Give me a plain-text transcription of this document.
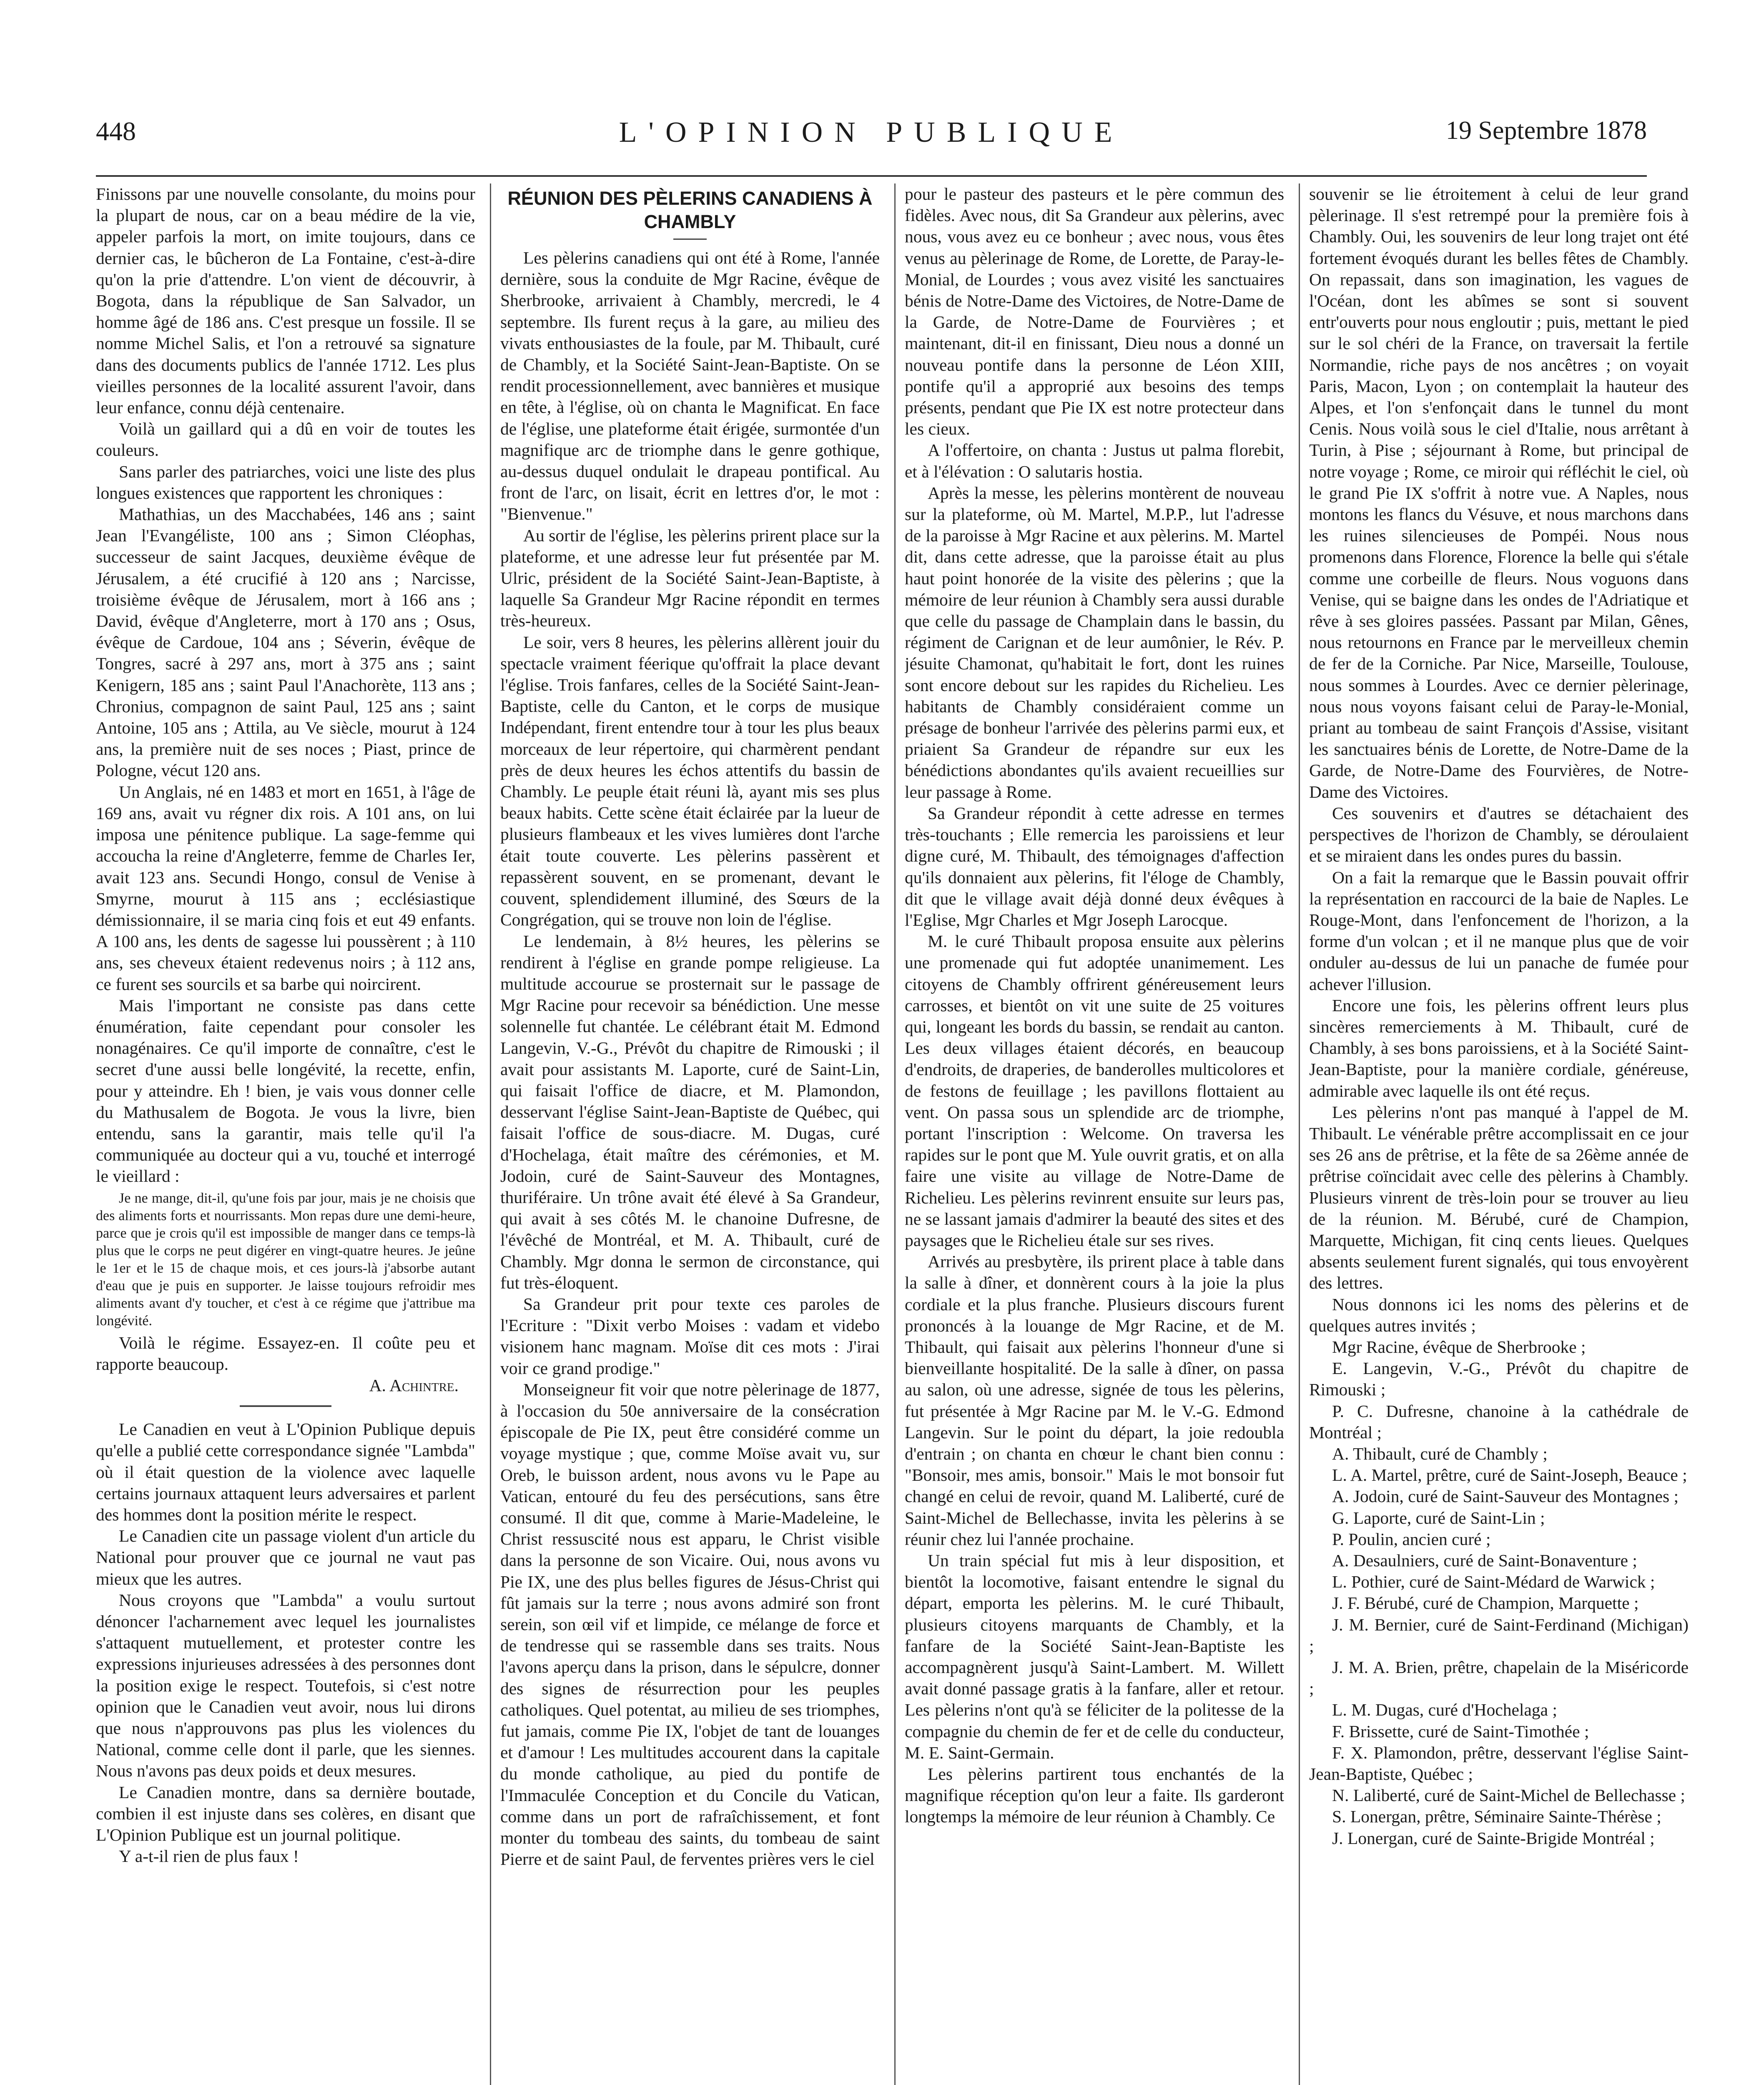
448	L'OPINION PUBLIQUE	19 Septembre 1878

Finissons par une nouvelle consolante, du moins pour la plupart de nous, car on a beau médire de la vie, appeler parfois la mort, on imite toujours, dans ce dernier cas, le bûcheron de La Fontaine, c'est-à-dire qu'on la prie d'attendre. L'on vient de découvrir, à Bogota, dans la république de San Salvador, un homme âgé de 186 ans. C'est presque un fossile. Il se nomme Michel Salis, et l'on a retrouvé sa signature dans des documents publics de l'année 1712. Les plus vieilles personnes de la localité assurent l'avoir, dans leur enfance, connu déjà centenaire.

Voilà un gaillard qui a dû en voir de toutes les couleurs.

Sans parler des patriarches, voici une liste des plus longues existences que rapportent les chroniques :

Mathathias, un des Macchabées, 146 ans ; saint Jean l'Evangéliste, 100 ans ; Simon Cléophas, successeur de saint Jacques, deuxième évêque de Jérusalem, a été crucifié à 120 ans ; Narcisse, troisième évêque de Jérusalem, mort à 166 ans ; David, évêque d'Angleterre, mort à 170 ans ; Osus, évêque de Cardoue, 104 ans ; Séverin, évêque de Tongres, sacré à 297 ans, mort à 375 ans ; saint Kenigern, 185 ans ; saint Paul l'Anachorète, 113 ans ; Chronius, compagnon de saint Paul, 125 ans ; saint Antoine, 105 ans ; Attila, au Ve siècle, mourut à 124 ans, la première nuit de ses noces ; Piast, prince de Pologne, vécut 120 ans.

Un Anglais, né en 1483 et mort en 1651, à l'âge de 169 ans, avait vu régner dix rois. A 101 ans, on lui imposa une pénitence publique. La sage-femme qui accoucha la reine d'Angleterre, femme de Charles Ier, avait 123 ans. Secundi Hongo, consul de Venise à Smyrne, mourut à 115 ans ; ecclésiastique démissionnaire, il se maria cinq fois et eut 49 enfants. A 100 ans, les dents de sagesse lui poussèrent ; à 110 ans, ses cheveux étaient redevenus noirs ; à 112 ans, ce furent ses sourcils et sa barbe qui noircirent.

Mais l'important ne consiste pas dans cette énumération, faite cependant pour consoler les nonagénaires. Ce qu'il importe de connaître, c'est le secret d'une aussi belle longévité, la recette, enfin, pour y atteindre. Eh ! bien, je vais vous donner celle du Mathusalem de Bogota. Je vous la livre, bien entendu, sans la garantir, mais telle qu'il l'a communiquée au docteur qui a vu, touché et interrogé le vieillard :

Je ne mange, dit-il, qu'une fois par jour, mais je ne choisis que des aliments forts et nourrissants. Mon repas dure une demi-heure, parce que je crois qu'il est impossible de manger dans ce temps-là plus que le corps ne peut digérer en vingt-quatre heures. Je jeûne le 1er et le 15 de chaque mois, et ces jours-là j'absorbe autant d'eau que je puis en supporter. Je laisse toujours refroidir mes aliments avant d'y toucher, et c'est à ce régime que j'attribue ma longévité.

Voilà le régime. Essayez-en. Il coûte peu et rapporte beaucoup.

A. Achintre.

Le Canadien en veut à L'Opinion Publique depuis qu'elle a publié cette correspondance signée "Lambda" où il était question de la violence avec laquelle certains journaux attaquent leurs adversaires et parlent des hommes dont la position mérite le respect.

Le Canadien cite un passage violent d'un article du National pour prouver que ce journal ne vaut pas mieux que les autres.

Nous croyons que "Lambda" a voulu surtout dénoncer l'acharnement avec lequel les journalistes s'attaquent mutuellement, et protester contre les expressions injurieuses adressées à des personnes dont la position exige le respect. Toutefois, si c'est notre opinion que le Canadien veut avoir, nous lui dirons que nous n'approuvons pas plus les violences du National, comme celle dont il parle, que les siennes. Nous n'avons pas deux poids et deux mesures.

Le Canadien montre, dans sa dernière boutade, combien il est injuste dans ses colères, en disant que L'Opinion Publique est un journal politique.

Y a-t-il rien de plus faux !

RÉUNION DES PÈLERINS CANADIENS À CHAMBLY

Les pèlerins canadiens qui ont été à Rome, l'année dernière, sous la conduite de Mgr Racine, évêque de Sherbrooke, arrivaient à Chambly, mercredi, le 4 septembre. Ils furent reçus à la gare, au milieu des vivats enthousiastes de la foule, par M. Thibault, curé de Chambly, et la Société Saint-Jean-Baptiste. On se rendit processionnellement, avec bannières et musique en tête, à l'église, où on chanta le Magnificat. En face de l'église, une plateforme était érigée, surmontée d'un magnifique arc de triomphe dans le genre gothique, au-dessus duquel ondulait le drapeau pontifical. Au front de l'arc, on lisait, écrit en lettres d'or, le mot : "Bienvenue."

Au sortir de l'église, les pèlerins prirent place sur la plateforme, et une adresse leur fut présentée par M. Ulric, président de la Société Saint-Jean-Baptiste, à laquelle Sa Grandeur Mgr Racine répondit en termes très-heureux.

Le soir, vers 8 heures, les pèlerins allèrent jouir du spectacle vraiment féerique qu'offrait la place devant l'église. Trois fanfares, celles de la Société Saint-Jean-Baptiste, celle du Canton, et le corps de musique Indépendant, firent entendre tour à tour les plus beaux morceaux de leur répertoire, qui charmèrent pendant près de deux heures les échos attentifs du bassin de Chambly. Le peuple était réuni là, ayant mis ses plus beaux habits. Cette scène était éclairée par la lueur de plusieurs flambeaux et les vives lumières dont l'arche était toute couverte. Les pèlerins passèrent et repassèrent souvent, en se promenant, devant le couvent, splendidement illuminé, des Sœurs de la Congrégation, qui se trouve non loin de l'église.

Le lendemain, à 8½ heures, les pèlerins se rendirent à l'église en grande pompe religieuse. La multitude accourue se prosternait sur le passage de Mgr Racine pour recevoir sa bénédiction. Une messe solennelle fut chantée. Le célébrant était M. Edmond Langevin, V.-G., Prévôt du chapitre de Rimouski ; il avait pour assistants M. Laporte, curé de Saint-Lin, qui faisait l'office de diacre, et M. Plamondon, desservant l'église Saint-Jean-Baptiste de Québec, qui faisait l'office de sous-diacre. M. Dugas, curé d'Hochelaga, était maître des cérémonies, et M. Jodoin, curé de Saint-Sauveur des Montagnes, thuriféraire. Un trône avait été élevé à Sa Grandeur, qui avait à ses côtés M. le chanoine Dufresne, de l'évêché de Montréal, et M. A. Thibault, curé de Chambly. Mgr donna le sermon de circonstance, qui fut très-éloquent.

Sa Grandeur prit pour texte ces paroles de l'Ecriture : "Dixit verbo Moises : vadam et videbo visionem hanc magnam. Moïse dit ces mots : J'irai voir ce grand prodige."

Monseigneur fit voir que notre pèlerinage de 1877, à l'occasion du 50e anniversaire de la consécration épiscopale de Pie IX, peut être considéré comme un voyage mystique ; que, comme Moïse avait vu, sur Oreb, le buisson ardent, nous avons vu le Pape au Vatican, entouré du feu des persécutions, sans être consumé. Il dit que, comme à Marie-Madeleine, le Christ ressuscité nous est apparu, le Christ visible dans la personne de son Vicaire. Oui, nous avons vu Pie IX, une des plus belles figures de Jésus-Christ qui fût jamais sur la terre ; nous avons admiré son front serein, son œil vif et limpide, ce mélange de force et de tendresse qui se rassemble dans ses traits. Nous l'avons aperçu dans la prison, dans le sépulcre, donner des signes de résurrection pour les peuples catholiques. Quel potentat, au milieu de ses triomphes, fut jamais, comme Pie IX, l'objet de tant de louanges et d'amour ! Les multitudes accourent dans la capitale du monde catholique, au pied du pontife de l'Immaculée Conception et du Concile du Vatican, comme dans un port de rafraîchissement, et font monter du tombeau des saints, du tombeau de saint Pierre et de saint Paul, de ferventes prières vers le ciel

pour le pasteur des pasteurs et le père commun des fidèles. Avec nous, dit Sa Grandeur aux pèlerins, avec nous, vous avez eu ce bonheur ; avec nous, vous êtes venus au pèlerinage de Rome, de Lorette, de Paray-le-Monial, de Lourdes ; vous avez visité les sanctuaires bénis de Notre-Dame des Victoires, de Notre-Dame de la Garde, de Notre-Dame de Fourvières ; et maintenant, dit-il en finissant, Dieu nous a donné un nouveau pontife dans la personne de Léon XIII, pontife qu'il a approprié aux besoins des temps présents, pendant que Pie IX est notre protecteur dans les cieux.

A l'offertoire, on chanta : Justus ut palma florebit, et à l'élévation : O salutaris hostia.

Après la messe, les pèlerins montèrent de nouveau sur la plateforme, où M. Martel, M.P.P., lut l'adresse de la paroisse à Mgr Racine et aux pèlerins. M. Martel dit, dans cette adresse, que la paroisse était au plus haut point honorée de la visite des pèlerins ; que la mémoire de leur réunion à Chambly sera aussi durable que celle du passage de Champlain dans le bassin, du régiment de Carignan et de leur aumônier, le Rév. P. jésuite Chamonat, qu'habitait le fort, dont les ruines sont encore debout sur les rapides du Richelieu. Les habitants de Chambly considéraient comme un présage de bonheur l'arrivée des pèlerins parmi eux, et priaient Sa Grandeur de répandre sur eux les bénédictions abondantes qu'ils avaient recueillies sur leur passage à Rome.

Sa Grandeur répondit à cette adresse en termes très-touchants ; Elle remercia les paroissiens et leur digne curé, M. Thibault, des témoignages d'affection qu'ils donnaient aux pèlerins, fit l'éloge de Chambly, dit que le village avait déjà donné deux évêques à l'Eglise, Mgr Charles et Mgr Joseph Larocque.

M. le curé Thibault proposa ensuite aux pèlerins une promenade qui fut adoptée unanimement. Les citoyens de Chambly offrirent généreusement leurs carrosses, et bientôt on vit une suite de 25 voitures qui, longeant les bords du bassin, se rendait au canton. Les deux villages étaient décorés, en beaucoup d'endroits, de draperies, de banderolles multicolores et de festons de feuillage ; les pavillons flottaient au vent. On passa sous un splendide arc de triomphe, portant l'inscription : Welcome. On traversa les rapides sur le pont que M. Yule ouvrit gratis, et on alla faire une visite au village de Notre-Dame de Richelieu. Les pèlerins revinrent ensuite sur leurs pas, ne se lassant jamais d'admirer la beauté des sites et des paysages que le Richelieu étale sur ses rives.

Arrivés au presbytère, ils prirent place à table dans la salle à dîner, et donnèrent cours à la joie la plus cordiale et la plus franche. Plusieurs discours furent prononcés à la louange de Mgr Racine, et de M. Thibault, qui faisait aux pèlerins l'honneur d'une si bienveillante hospitalité. De la salle à dîner, on passa au salon, où une adresse, signée de tous les pèlerins, fut présentée à Mgr Racine par M. le V.-G. Edmond Langevin. Sur le point du départ, la joie redoubla d'entrain ; on chanta en chœur le chant bien connu : "Bonsoir, mes amis, bonsoir." Mais le mot bonsoir fut changé en celui de revoir, quand M. Laliberté, curé de Saint-Michel de Bellechasse, invita les pèlerins à se réunir chez lui l'année prochaine.

Un train spécial fut mis à leur disposition, et bientôt la locomotive, faisant entendre le signal du départ, emporta les pèlerins. M. le curé Thibault, plusieurs citoyens marquants de Chambly, et la fanfare de la Société Saint-Jean-Baptiste les accompagnèrent jusqu'à Saint-Lambert. M. Willett avait donné passage gratis à la fanfare, aller et retour. Les pèlerins n'ont qu'à se féliciter de la politesse de la compagnie du chemin de fer et de celle du conducteur, M. E. Saint-Germain.

Les pèlerins partirent tous enchantés de la magnifique réception qu'on leur a faite. Ils garderont longtemps la mémoire de leur réunion à Chambly. Ce

souvenir se lie étroitement à celui de leur grand pèlerinage. Il s'est retrempé pour la première fois à Chambly. Oui, les souvenirs de leur long trajet ont été fortement évoqués durant les belles fêtes de Chambly. On repassait, dans son imagination, les vagues de l'Océan, dont les abîmes se sont si souvent entr'ouverts pour nous engloutir ; puis, mettant le pied sur le sol chéri de la France, on traversait la fertile Normandie, riche pays de nos ancêtres ; on voyait Paris, Macon, Lyon ; on contemplait la hauteur des Alpes, et l'on s'enfonçait dans le tunnel du mont Cenis. Nous voilà sous le ciel d'Italie, nous arrêtant à Turin, à Pise ; séjournant à Rome, but principal de notre voyage ; Rome, ce miroir qui réfléchit le ciel, où le grand Pie IX s'offrit à notre vue. A Naples, nous montons les flancs du Vésuve, et nous marchons dans les ruines silencieuses de Pompéi. Nous nous promenons dans Florence, Florence la belle qui s'étale comme une corbeille de fleurs. Nous voguons dans Venise, qui se baigne dans les ondes de l'Adriatique et rêve à ses gloires passées. Passant par Milan, Gênes, nous retournons en France par le merveilleux chemin de fer de la Corniche. Par Nice, Marseille, Toulouse, nous sommes à Lourdes. Avec ce dernier pèlerinage, nous nous voyons faisant celui de Paray-le-Monial, priant au tombeau de saint François d'Assise, visitant les sanctuaires bénis de Lorette, de Notre-Dame de la Garde, de Notre-Dame des Fourvières, de Notre-Dame des Victoires.

Ces souvenirs et d'autres se détachaient des perspectives de l'horizon de Chambly, se déroulaient et se miraient dans les ondes pures du bassin.

On a fait la remarque que le Bassin pouvait offrir la représentation en raccourci de la baie de Naples. Le Rouge-Mont, dans l'enfoncement de l'horizon, a la forme d'un volcan ; et il ne manque plus que de voir onduler au-dessus de lui un panache de fumée pour achever l'illusion.

Encore une fois, les pèlerins offrent leurs plus sincères remerciements à M. Thibault, curé de Chambly, à ses bons paroissiens, et à la Société Saint-Jean-Baptiste, pour la manière cordiale, généreuse, admirable avec laquelle ils ont été reçus.

Les pèlerins n'ont pas manqué à l'appel de M. Thibault. Le vénérable prêtre accomplissait en ce jour ses 26 ans de prêtrise, et la fête de sa 26ème année de prêtrise coïncidait avec celle des pèlerins à Chambly. Plusieurs vinrent de très-loin pour se trouver au lieu de la réunion. M. Bérubé, curé de Champion, Marquette, Michigan, fit cinq cents lieues. Quelques absents seulement furent signalés, qui tous envoyèrent des lettres.

Nous donnons ici les noms des pèlerins et de quelques autres invités ;

Mgr Racine, évêque de Sherbrooke ;

E. Langevin, V.-G., Prévôt du chapitre de Rimouski ;

P. C. Dufresne, chanoine à la cathédrale de Montréal ;

A. Thibault, curé de Chambly ;

L. A. Martel, prêtre, curé de Saint-Joseph, Beauce ;

A. Jodoin, curé de Saint-Sauveur des Montagnes ;

G. Laporte, curé de Saint-Lin ;

P. Poulin, ancien curé ;

A. Desaulniers, curé de Saint-Bonaventure ;

L. Pothier, curé de Saint-Médard de Warwick ;

J. F. Bérubé, curé de Champion, Marquette ;

J. M. Bernier, curé de Saint-Ferdinand (Michigan) ;

J. M. A. Brien, prêtre, chapelain de la Miséricorde ;

L. M. Dugas, curé d'Hochelaga ;

F. Brissette, curé de Saint-Timothée ;

F. X. Plamondon, prêtre, desservant l'église Saint-Jean-Baptiste, Québec ;

N. Laliberté, curé de Saint-Michel de Bellechasse ;

S. Lonergan, prêtre, Séminaire Sainte-Thérèse ;

J. Lonergan, curé de Sainte-Brigide Montréal ;
